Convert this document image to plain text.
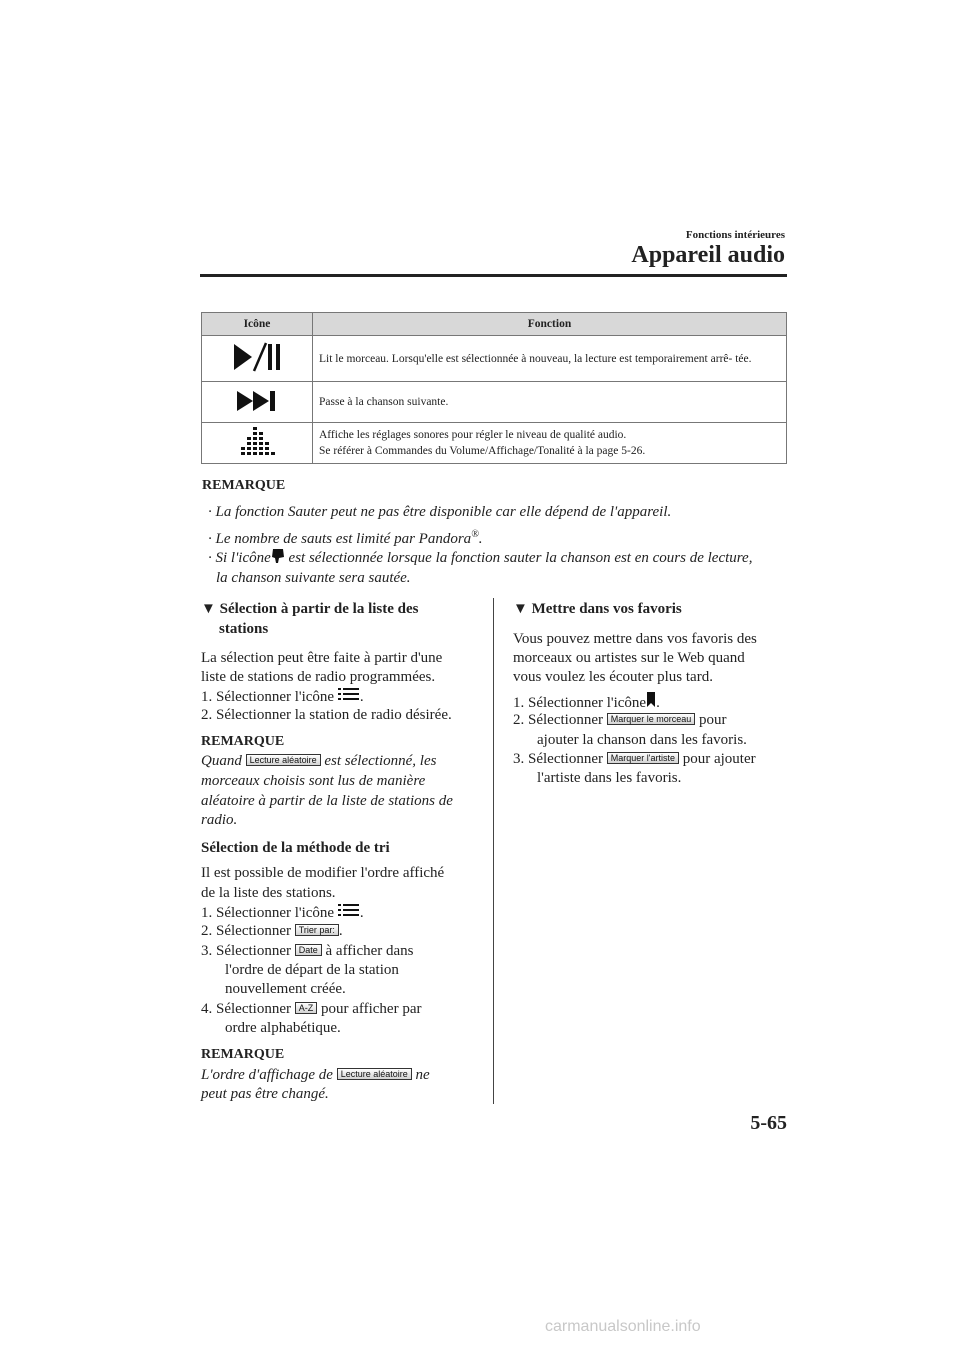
Fonctions intérieures
Appareil audio
Icône	Fonction
	Lit le morceau. Lorsqu'elle est sélectionnée à nouveau, la lecture est temporairement arrê- tée.
	Passe à la chanson suivante.

Affiche les réglages sonores pour régler le niveau de qualité audio.
Se référer à Commandes du Volume/Affichage/Tonalité à la page 5-26.
REMARQUE
· La fonction Sauter peut ne pas être disponible car elle dépend de l'appareil.
· Le nombre de sauts est limité par Pandora®.
· Si l'icône est sélectionnée lorsque la fonction sauter la chanson est en cours de lecture,
la chanson suivante sera sautée.
▼ Sélection à partir de la liste des
stations
La sélection peut être faite à partir d'une
liste de stations de radio programmées.
1. Sélectionner l'icône .
2. Sélectionner la station de radio désirée.
REMARQUE
Quand Lecture aléatoire est sélectionné, les
morceaux choisis sont lus de manière
aléatoire à partir de la liste de stations de
radio.
Sélection de la méthode de tri
Il est possible de modifier l'ordre affiché
de la liste des stations.
1. Sélectionner l'icône .
2. Sélectionner Trier par: .
3. Sélectionner Date à afficher dans
l'ordre de départ de la station
nouvellement créée.
4. Sélectionner A-Z pour afficher par
ordre alphabétique.
REMARQUE
L'ordre d'affichage de Lecture aléatoire ne
peut pas être changé.
▼ Mettre dans vos favoris
Vous pouvez mettre dans vos favoris des
morceaux ou artistes sur le Web quand
vous voulez les écouter plus tard.
1. Sélectionner l'icône .
2. Sélectionner Marquer le morceau pour
ajouter la chanson dans les favoris.
3. Sélectionner Marquer l'artiste pour ajouter
l'artiste dans les favoris.
5-65
carmanualsonline.info
